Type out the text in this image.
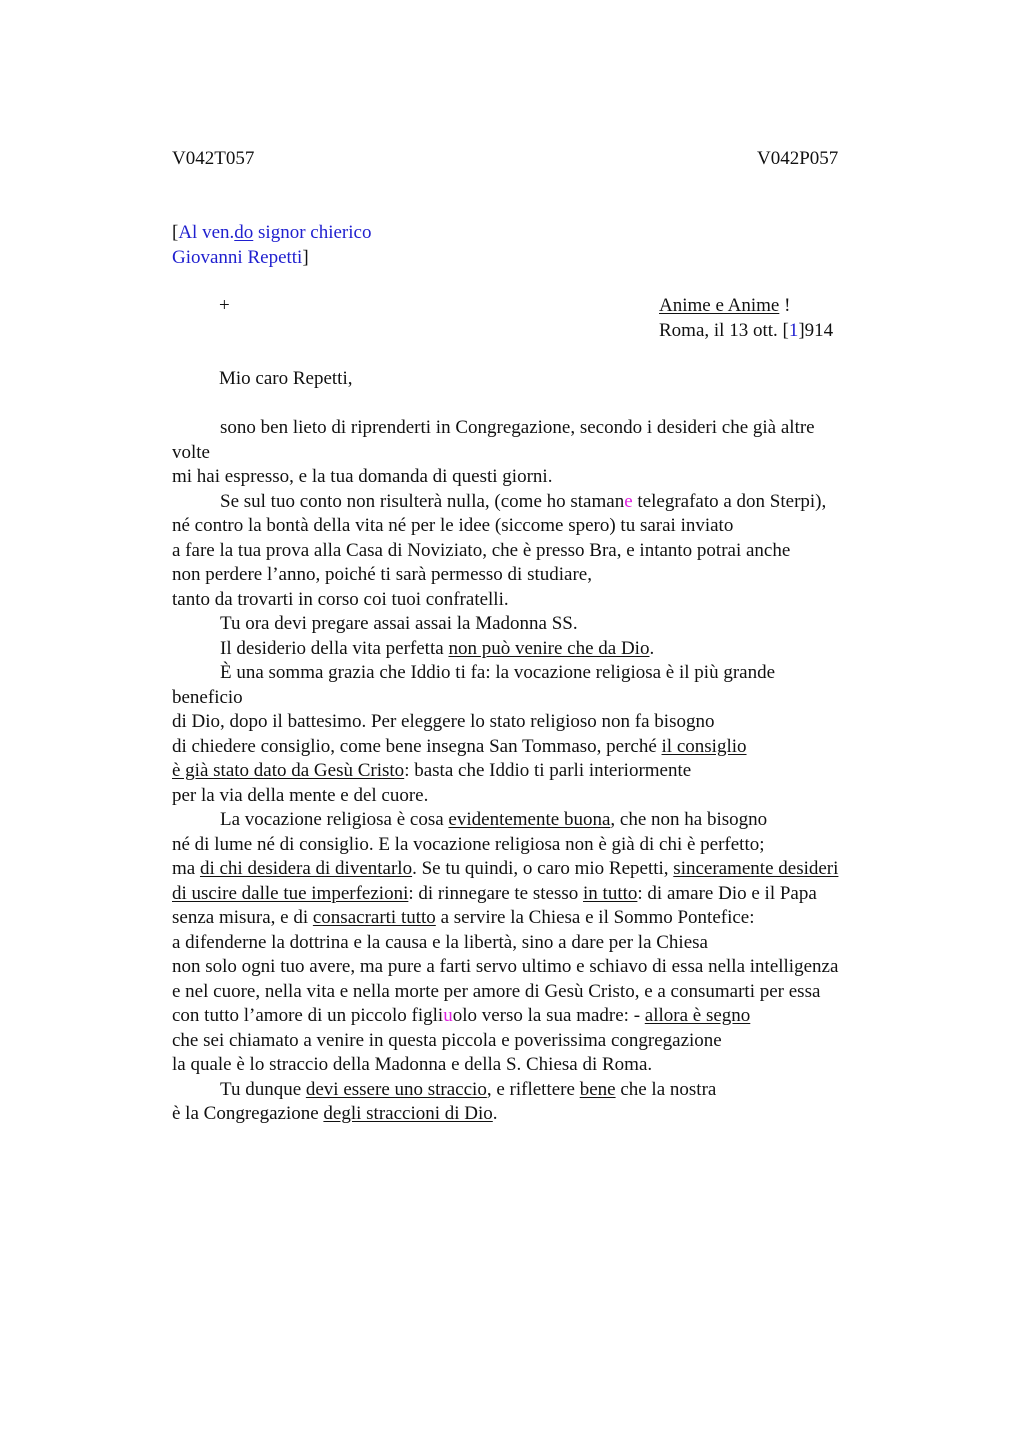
V042T057	V042P057
[Al ven.do signor chierico
Giovanni Repetti]
+	Anime e Anime !
Roma, il 13 ott. [1]914
Mio caro Repetti,
sono ben lieto di riprenderti in Congregazione, secondo i desideri che già altre
volte
mi hai espresso, e la tua domanda di questi giorni.
Se sul tuo conto non risulterà nulla, (come ho stamane telegrafato a don Sterpi),
né contro la bontà della vita né per le idee (siccome spero) tu sarai inviato
a fare la tua prova alla Casa di Noviziato, che è presso Bra, e intanto potrai anche
non perdere l’anno, poiché ti sarà permesso di studiare,
tanto da trovarti in corso coi tuoi confratelli.
Tu ora devi pregare assai assai la Madonna SS.
Il desiderio della vita perfetta non può venire che da Dio.
È una somma grazia che Iddio ti fa: la vocazione religiosa è il più grande
beneficio
di Dio, dopo il battesimo. Per eleggere lo stato religioso non fa bisogno
di chiedere consiglio, come bene insegna San Tommaso, perché il consiglio
è già stato dato da Gesù Cristo: basta che Iddio ti parli interiormente
per la via della mente e del cuore.
La vocazione religiosa è cosa evidentemente buona, che non ha bisogno
né di lume né di consiglio. E la vocazione religiosa non è già di chi è perfetto;
ma di chi desidera di diventarlo. Se tu quindi, o caro mio Repetti, sinceramente desideri
di uscire dalle tue imperfezioni: di rinnegare te stesso in tutto: di amare Dio e il Papa
senza misura, e di consacrarti tutto a servire la Chiesa e il Sommo Pontefice:
a difenderne la dottrina e la causa e la libertà, sino a dare per la Chiesa
non solo ogni tuo avere, ma pure a farti servo ultimo e schiavo di essa nella intelligenza
e nel cuore, nella vita e nella morte per amore di Gesù Cristo, e a consumarti per essa
con tutto l’amore di un piccolo figliuolo verso la sua madre: - allora è segno
che sei chiamato a venire in questa piccola e poverissima congregazione
la quale è lo straccio della Madonna e della S. Chiesa di Roma.
Tu dunque devi essere uno straccio, e riflettere bene che la nostra
è la Congregazione degli straccioni di Dio.
